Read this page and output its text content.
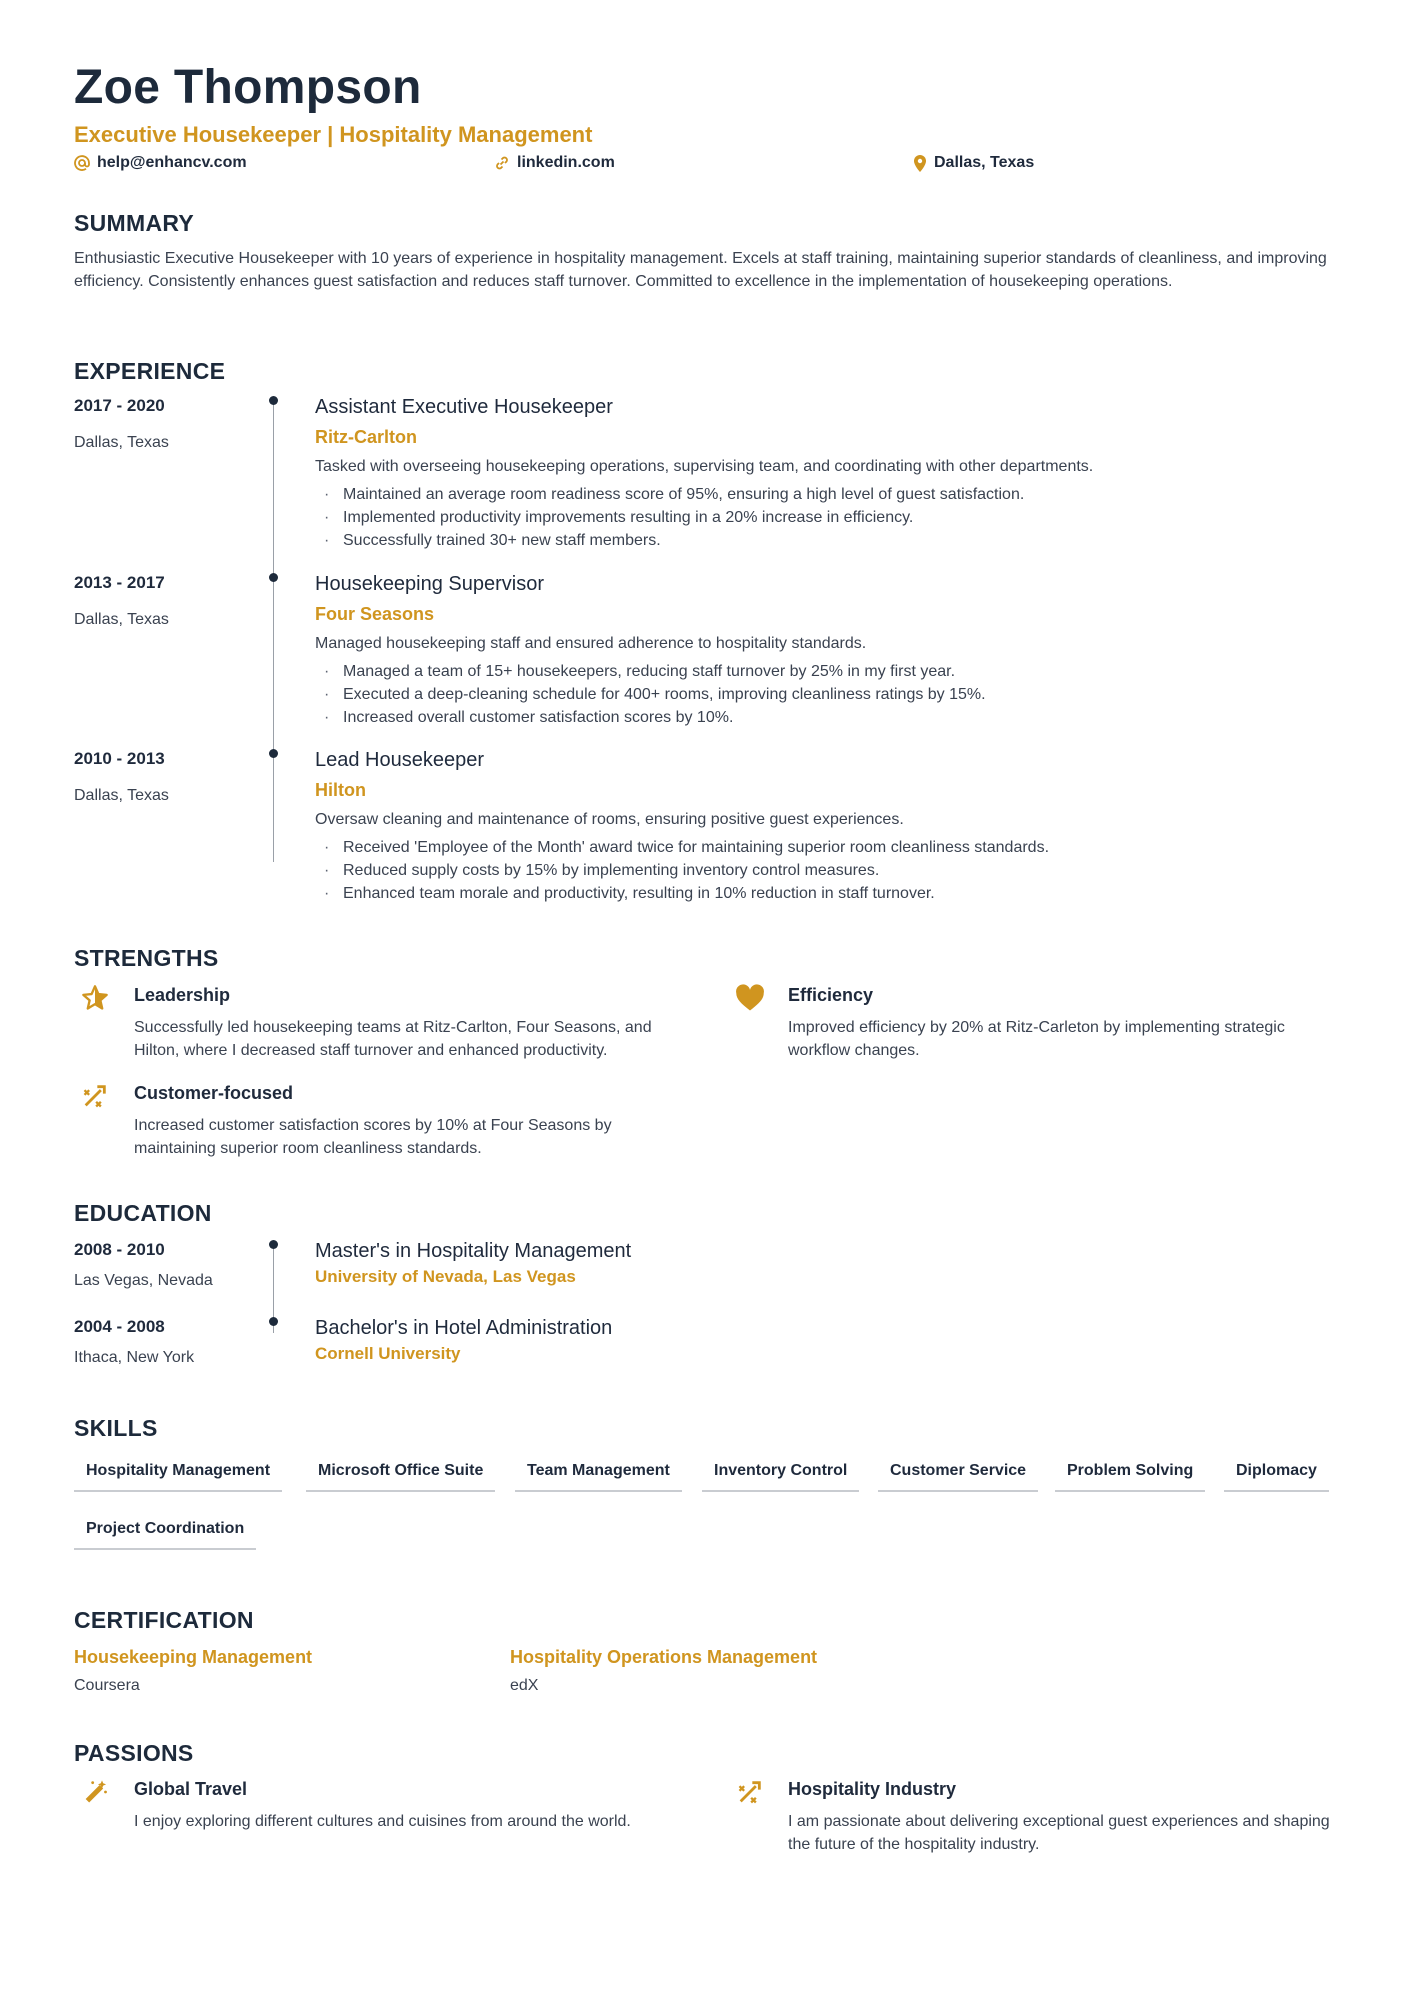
Zoe Thompson
Executive Housekeeper | Hospitality Management
help@enhancv.com	linkedin.com	Dallas, Texas
SUMMARY
Enthusiastic Executive Housekeeper with 10 years of experience in hospitality management. Excels at staff training, maintaining superior standards of cleanliness, and improving efficiency. Consistently enhances guest satisfaction and reduces staff turnover. Committed to excellence in the implementation of housekeeping operations.
EXPERIENCE
2017 - 2020
Dallas, Texas
Assistant Executive Housekeeper
Ritz-Carlton
Tasked with overseeing housekeeping operations, supervising team, and coordinating with other departments.
· Maintained an average room readiness score of 95%, ensuring a high level of guest satisfaction.
· Implemented productivity improvements resulting in a 20% increase in efficiency.
· Successfully trained 30+ new staff members.
2013 - 2017
Dallas, Texas
Housekeeping Supervisor
Four Seasons
Managed housekeeping staff and ensured adherence to hospitality standards.
· Managed a team of 15+ housekeepers, reducing staff turnover by 25% in my first year.
· Executed a deep-cleaning schedule for 400+ rooms, improving cleanliness ratings by 15%.
· Increased overall customer satisfaction scores by 10%.
2010 - 2013
Dallas, Texas
Lead Housekeeper
Hilton
Oversaw cleaning and maintenance of rooms, ensuring positive guest experiences.
· Received 'Employee of the Month' award twice for maintaining superior room cleanliness standards.
· Reduced supply costs by 15% by implementing inventory control measures.
· Enhanced team morale and productivity, resulting in 10% reduction in staff turnover.
STRENGTHS
Leadership
Successfully led housekeeping teams at Ritz-Carlton, Four Seasons, and Hilton, where I decreased staff turnover and enhanced productivity.
Efficiency
Improved efficiency by 20% at Ritz-Carleton by implementing strategic workflow changes.
Customer-focused
Increased customer satisfaction scores by 10% at Four Seasons by maintaining superior room cleanliness standards.
EDUCATION
2008 - 2010
Las Vegas, Nevada
Master's in Hospitality Management
University of Nevada, Las Vegas
2004 - 2008
Ithaca, New York
Bachelor's in Hotel Administration
Cornell University
SKILLS
Hospitality Management	Microsoft Office Suite	Team Management	Inventory Control	Customer Service	Problem Solving	Diplomacy
Project Coordination
CERTIFICATION
Housekeeping Management
Coursera
Hospitality Operations Management
edX
PASSIONS
Global Travel
I enjoy exploring different cultures and cuisines from around the world.
Hospitality Industry
I am passionate about delivering exceptional guest experiences and shaping the future of the hospitality industry.
